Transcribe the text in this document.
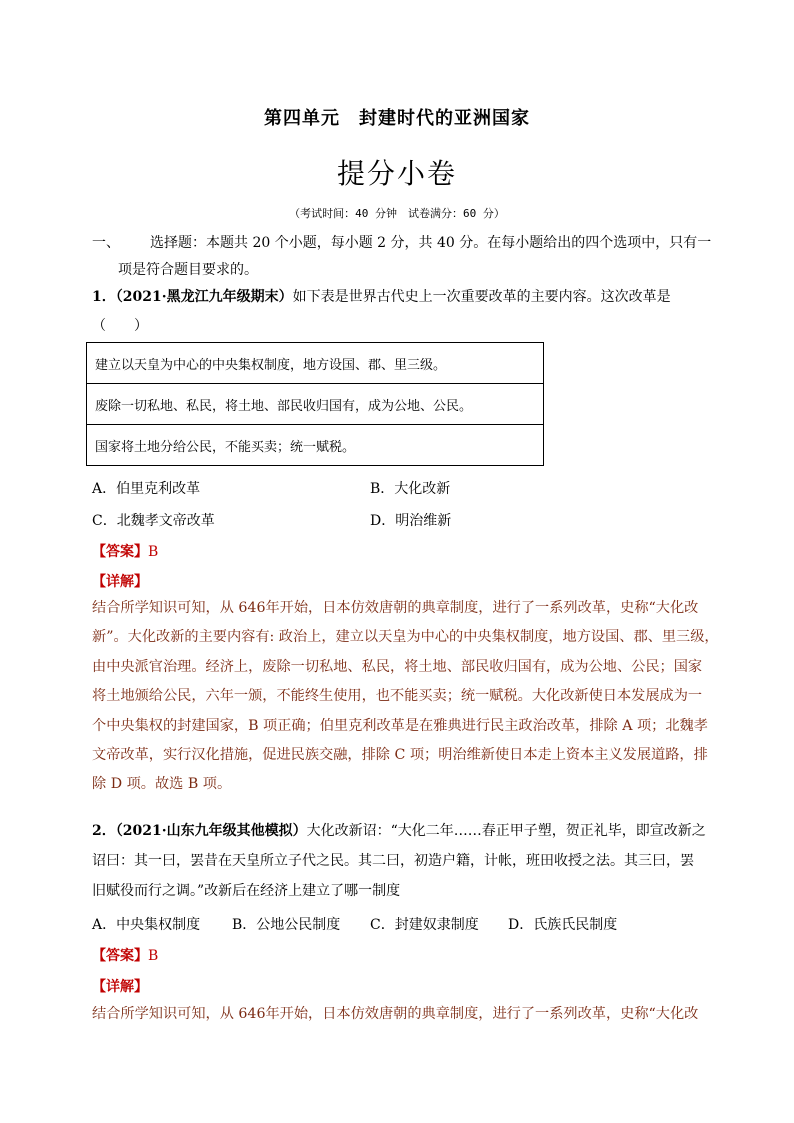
第四单元　封建时代的亚洲国家
提分小卷
（考试时间：40 分钟　试卷满分：60 分）
一、 选择题：本题共 20 个小题，每小题 2 分，共 40 分。在每小题给出的四个选项中，只有一
项是符合题目要求的。
1．（2021·黑龙江九年级期末）如下表是世界古代史上一次重要改革的主要内容。这次改革是
（　　）
建立以天皇为中心的中央集权制度，地方设国、郡、里三级。
废除一切私地、私民，将土地、部民收归国有，成为公地、公民。
国家将土地分给公民，不能买卖；统一赋税。
A．伯里克利改革	B．大化改新
C．北魏孝文帝改革	D．明治维新
【答案】B
【详解】
结合所学知识可知，从 646年开始，日本仿效唐朝的典章制度，进行了一系列改革，史称“大化改
新”。大化改新的主要内容有: 政治上，建立以天皇为中心的中央集权制度，地方设国、郡、里三级，
由中央派官治理。经济上，废除一切私地、私民，将土地、部民收归国有，成为公地、公民；国家
将土地颁给公民，六年一颁，不能终生使用，也不能买卖；统一赋税。大化改新使日本发展成为一
个中央集权的封建国家，B 项正确；伯里克利改革是在雅典进行民主政治改革，排除 A 项；北魏孝
文帝改革，实行汉化措施，促进民族交融，排除 C 项；明治维新使日本走上资本主义发展道路，排
除 D 项。故选 B 项。
2．（2021·山东九年级其他模拟）大化改新诏：“大化二年……春正甲子塑，贺正礼毕，即宣改新之
诏曰：其一曰，罢昔在天皇所立子代之民。其二曰，初造户籍，计帐，班田收授之法。其三曰，罢
旧赋役而行之调。”改新后在经济上建立了哪一制度
A．中央集权制度 B．公地公民制度 C．封建奴隶制度 D．氏族氏民制度
【答案】B
【详解】
结合所学知识可知，从 646年开始，日本仿效唐朝的典章制度，进行了一系列改革，史称“大化改
